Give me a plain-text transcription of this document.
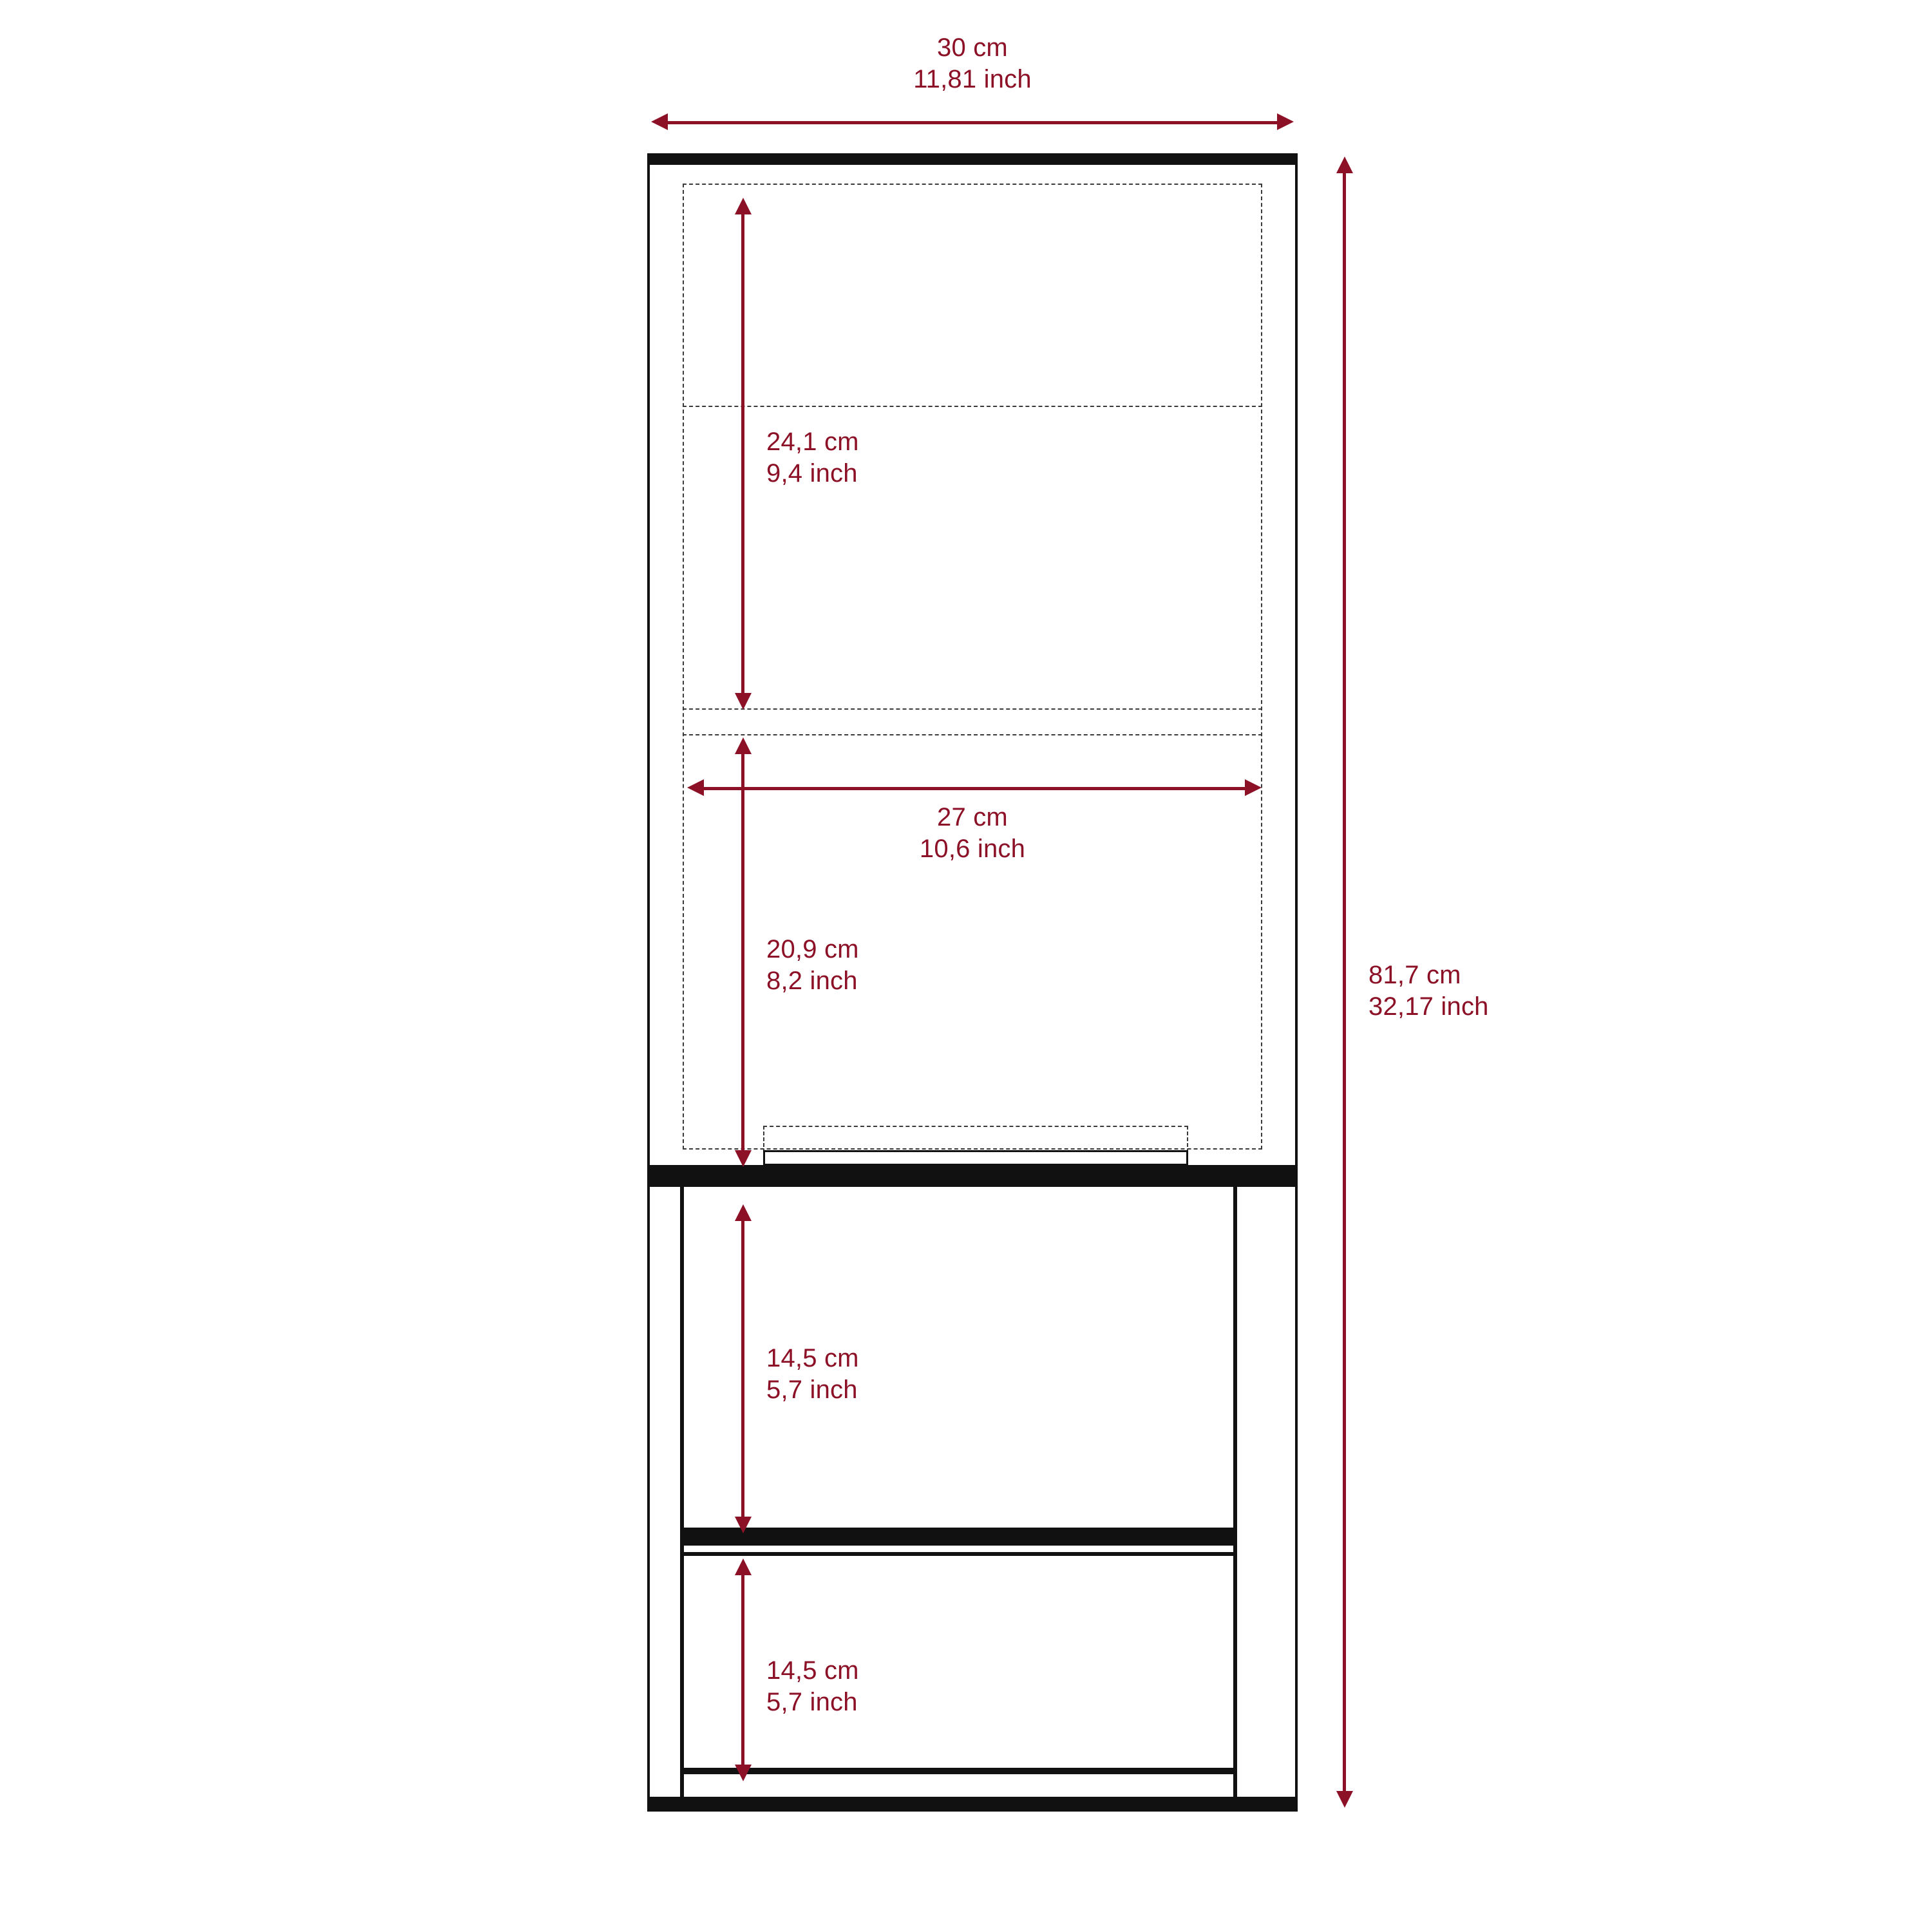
30 cm
11,81 inch
81,7 cm
32,17 inch
24,1 cm
9,4 inch
27 cm
10,6 inch
20,9 cm
8,2 inch
14,5 cm
5,7 inch
14,5 cm
5,7 inch
